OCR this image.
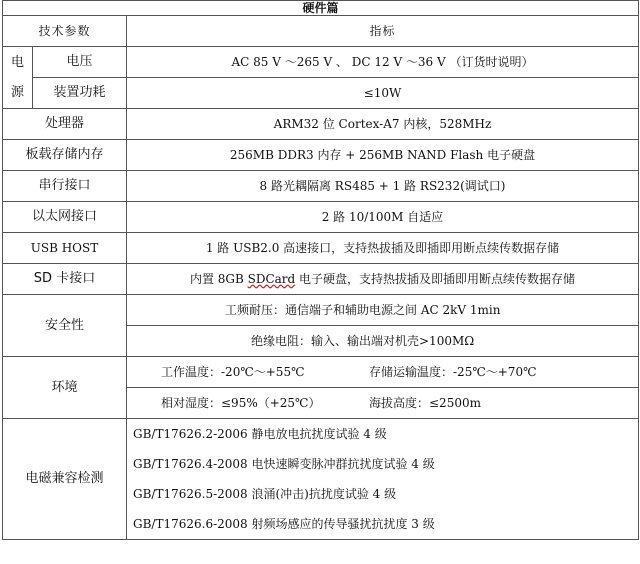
硬件篇		
技术参数		指标

电
源	电压	AC 85 V ～265 V 、 DC 12 V ～36 V （订货时说明）
	装置功耗	≤10W
处理器		ARM32 位 Cortex-A7 内核，528MHz
板载存储内存		256MB DDR3 内存 + 256MB NAND Flash 电子硬盘
串行接口		8 路光耦隔离 RS485 + 1 路 RS232(调试口)
以太网接口		2 路 10/100M 自适应
USB HOST		1 路 USB2.0 高速接口，支持热拔插及即插即用断点续传数据存储
SD 卡接口		内置 8GB SDCard 电子硬盘，支持热拔插及即插即用断点续传数据存储
安全性		工频耐压：通信端子和辅助电源之间 AC 2kV 1min
		绝缘电阻：输入、输出端对机壳>100MΩ
环境		工作温度：-20℃～+55℃ 存储运输温度：-25℃～+70℃
		相对湿度：≤95%（+25℃） 海拔高度：≤2500m
电磁兼容检测		GB/T17626.2-2006 静电放电抗扰度试验 4 级
GB/T17626.4-2008 电快速瞬变脉冲群抗扰度试验 4 级
GB/T17626.5-2008 浪涌(冲击)抗扰度试验 4 级
GB/T17626.6-2008 射频场感应的传导骚扰抗扰度 3 级
